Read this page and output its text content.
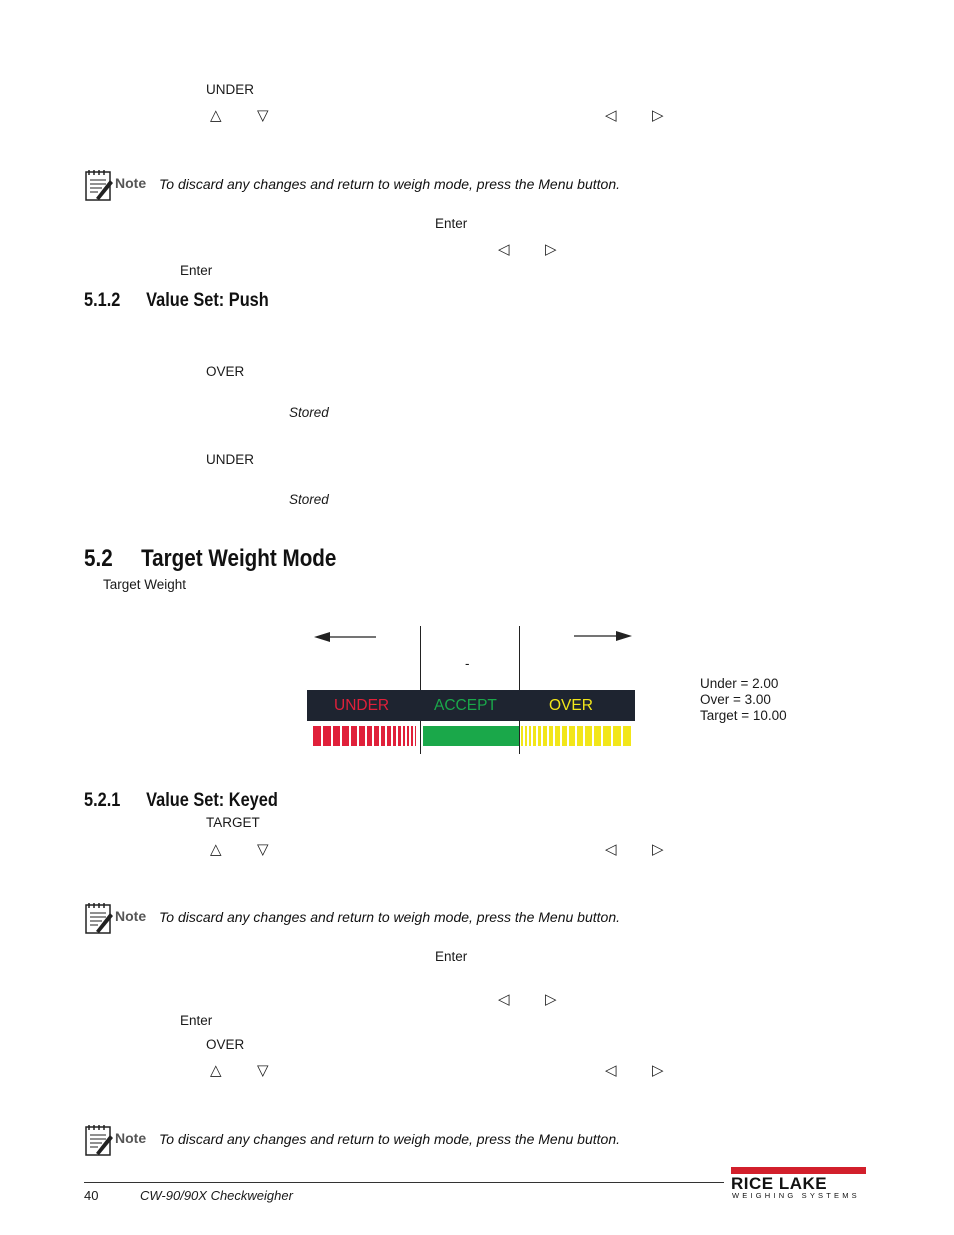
UNDER
△ ▽	◁ ▷
Note To discard any changes and return to weigh mode, press the Menu button.
Enter
◁ ▷
Enter
5.1.2 Value Set: Push
OVER
Stored
UNDER
Stored
5.2 Target Weight Mode
Target Weight
-
UNDER	ACCEPT	OVER
Under = 2.00
Over = 3.00
Target = 10.00
5.2.1 Value Set: Keyed
TARGET
△ ▽	◁ ▷
Note To discard any changes and return to weigh mode, press the Menu button.
Enter
◁ ▷
Enter
OVER
△ ▽	◁ ▷
Note To discard any changes and return to weigh mode, press the Menu button.
40	CW-90/90X Checkweigher
RICE LAKE
WEIGHING SYSTEMS
